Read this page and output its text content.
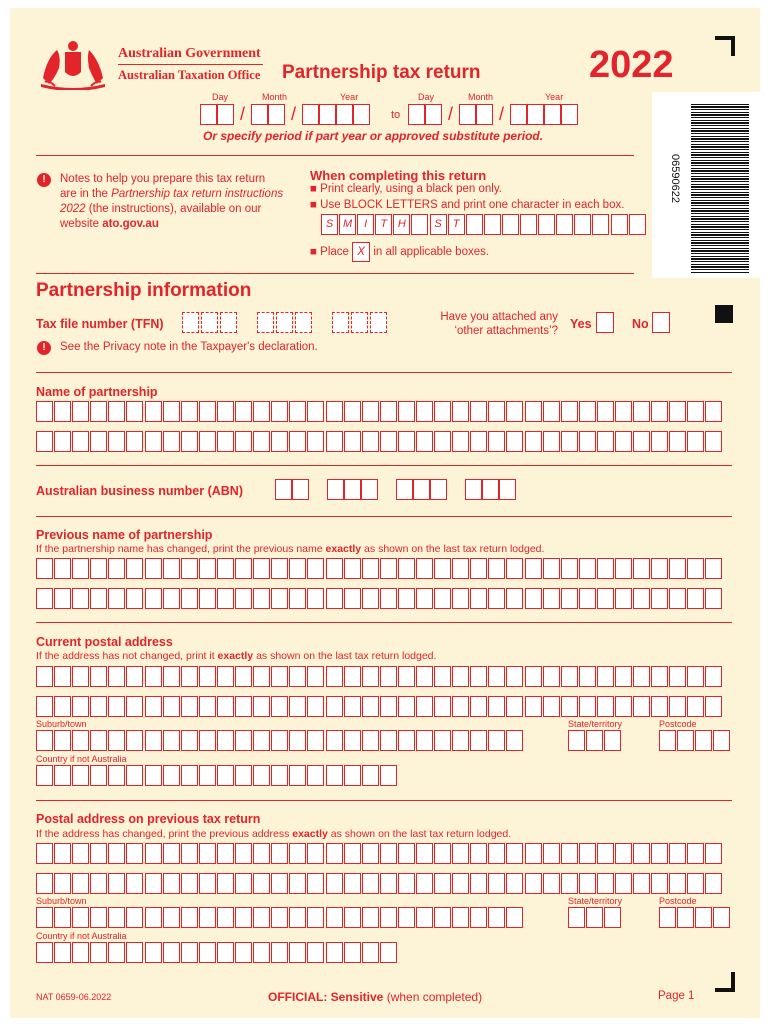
Australian Government
Australian Taxation Office Partnership tax return	2022
06590622
Day	Month	Year	Day	Month	Year
/	/	to	/	/
Or specify period if part year or approved substitute period.
!	Notes to help you prepare this tax return
are in the Partnership tax return instructions
2022 (the instructions), available on our
website ato.gov.au
When completing this return
■ Print clearly, using a black pen only.
■ Use BLOCK LETTERS and print one character in each box.
S M	I	T H	S	T
■ Place
X
in all applicable boxes.
Partnership information
Tax file number (TFN)
!	See the Privacy note in the Taxpayer's declaration.
Have you attached any
‘other attachments’? Yes	No
Name of partnership
Australian business number (ABN)
Previous name of partnership
If the partnership name has changed, print the previous name exactly as shown on the last tax return lodged.
Current postal address
If the address has not changed, print it exactly as shown on the last tax return lodged.
Suburb/town	State/territory	Postcode
Country if not Australia
Postal address on previous tax return
If the address has changed, print the previous address exactly as shown on the last tax return lodged.
Suburb/town	State/territory	Postcode
Country if not Australia
NAT 0659-06.2022	OFFICIAL: Sensitive (when completed)	Page 1
